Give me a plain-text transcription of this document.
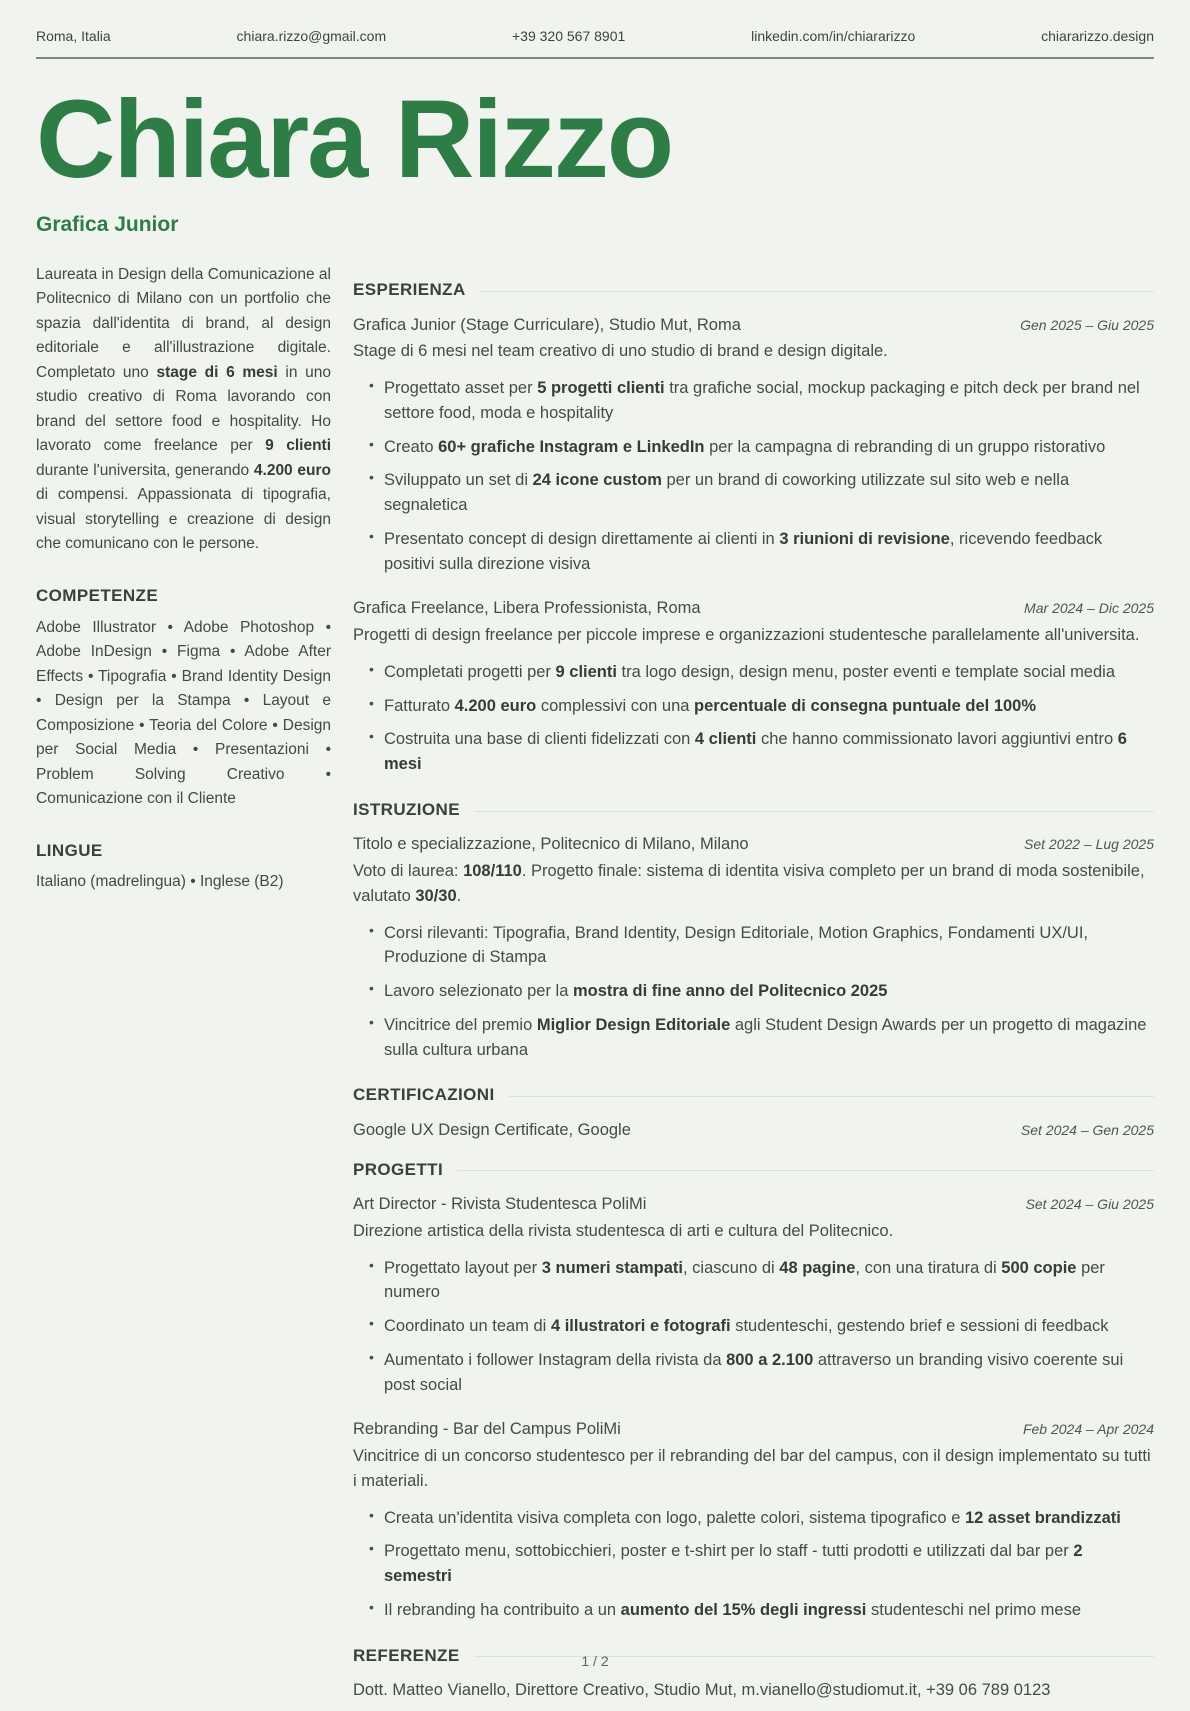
Roma, Italia	chiara.rizzo@gmail.com	+39 320 567 8901	linkedin.com/in/chiararizzo	chiararizzo.design
Chiara Rizzo
Grafica Junior
Laureata in Design della Comunicazione al Politecnico di Milano con un portfolio che spazia dall'identita di brand, al design editoriale e all'illustrazione digitale. Completato uno stage di 6 mesi in uno studio creativo di Roma lavorando con brand del settore food e hospitality. Ho lavorato come freelance per 9 clienti durante l'universita, generando 4.200 euro di compensi. Appassionata di tipografia, visual storytelling e creazione di design che comunicano con le persone.
COMPETENZE
Adobe Illustrator • Adobe Photoshop • Adobe InDesign • Figma • Adobe After Effects • Tipografia • Brand Identity Design • Design per la Stampa • Layout e Composizione • Teoria del Colore • Design per Social Media • Presentazioni • Problem Solving Creativo • Comunicazione con il Cliente
LINGUE
Italiano (madrelingua) • Inglese (B2)
ESPERIENZA
Grafica Junior (Stage Curriculare), Studio Mut, Roma	Gen 2025 – Giu 2025
Stage di 6 mesi nel team creativo di uno studio di brand e design digitale.
• Progettato asset per 5 progetti clienti tra grafiche social, mockup packaging e pitch deck per brand nel settore food, moda e hospitality
• Creato 60+ grafiche Instagram e LinkedIn per la campagna di rebranding di un gruppo ristorativo
• Sviluppato un set di 24 icone custom per un brand di coworking utilizzate sul sito web e nella segnaletica
• Presentato concept di design direttamente ai clienti in 3 riunioni di revisione, ricevendo feedback positivi sulla direzione visiva
Grafica Freelance, Libera Professionista, Roma	Mar 2024 – Dic 2025
Progetti di design freelance per piccole imprese e organizzazioni studentesche parallelamente all'universita.
• Completati progetti per 9 clienti tra logo design, design menu, poster eventi e template social media
• Fatturato 4.200 euro complessivi con una percentuale di consegna puntuale del 100%
• Costruita una base di clienti fidelizzati con 4 clienti che hanno commissionato lavori aggiuntivi entro 6 mesi
ISTRUZIONE
Titolo e specializzazione, Politecnico di Milano, Milano	Set 2022 – Lug 2025
Voto di laurea: 108/110. Progetto finale: sistema di identita visiva completo per un brand di moda sostenibile, valutato 30/30.
• Corsi rilevanti: Tipografia, Brand Identity, Design Editoriale, Motion Graphics, Fondamenti UX/UI, Produzione di Stampa
• Lavoro selezionato per la mostra di fine anno del Politecnico 2025
• Vincitrice del premio Miglior Design Editoriale agli Student Design Awards per un progetto di magazine sulla cultura urbana
CERTIFICAZIONI
Google UX Design Certificate, Google	Set 2024 – Gen 2025
PROGETTI
Art Director - Rivista Studentesca PoliMi	Set 2024 – Giu 2025
Direzione artistica della rivista studentesca di arti e cultura del Politecnico.
• Progettato layout per 3 numeri stampati, ciascuno di 48 pagine, con una tiratura di 500 copie per numero
• Coordinato un team di 4 illustratori e fotografi studenteschi, gestendo brief e sessioni di feedback
• Aumentato i follower Instagram della rivista da 800 a 2.100 attraverso un branding visivo coerente sui post social
Rebranding - Bar del Campus PoliMi	Feb 2024 – Apr 2024
Vincitrice di un concorso studentesco per il rebranding del bar del campus, con il design implementato su tutti i materiali.
• Creata un'identita visiva completa con logo, palette colori, sistema tipografico e 12 asset brandizzati
• Progettato menu, sottobicchieri, poster e t-shirt per lo staff - tutti prodotti e utilizzati dal bar per 2 semestri
• Il rebranding ha contribuito a un aumento del 15% degli ingressi studenteschi nel primo mese
REFERENZE
Dott. Matteo Vianello, Direttore Creativo, Studio Mut, m.vianello@studiomut.it, +39 06 789 0123
1 / 2
